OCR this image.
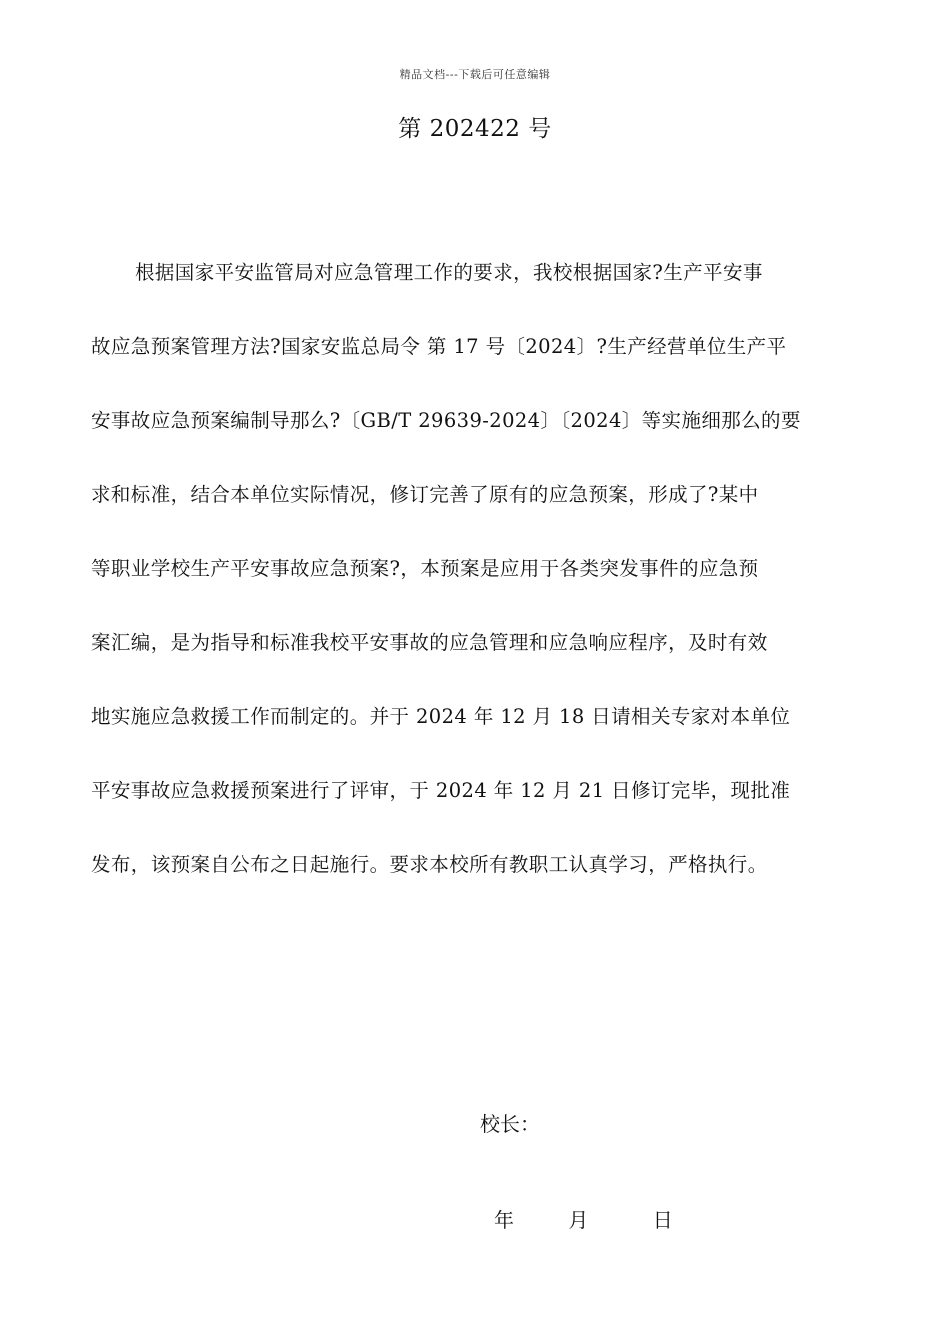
精品文档---下载后可任意编辑
第 202422 号
根据国家平安监管局对应急管理工作的要求，我校根据国家?生产平安事
故应急预案管理方法?国家安监总局令 第 17 号〔2024〕?生产经营单位生产平
安事故应急预案编制导那么?〔GB/T 29639-2024〕〔2024〕等实施细那么的要
求和标准，结合本单位实际情况，修订完善了原有的应急预案，形成了?某中
等职业学校生产平安事故应急预案?，本预案是应用于各类突发事件的应急预
案汇编，是为指导和标准我校平安事故的应急管理和应急响应程序，及时有效
地实施应急救援工作而制定的。并于 2024 年 12 月 18 日请相关专家对本单位
平安事故应急救援预案进行了评审，于 2024 年 12 月 21 日修订完毕，现批准
发布，该预案自公布之日起施行。要求本校所有教职工认真学习，严格执行。
校长：
年	月	日
